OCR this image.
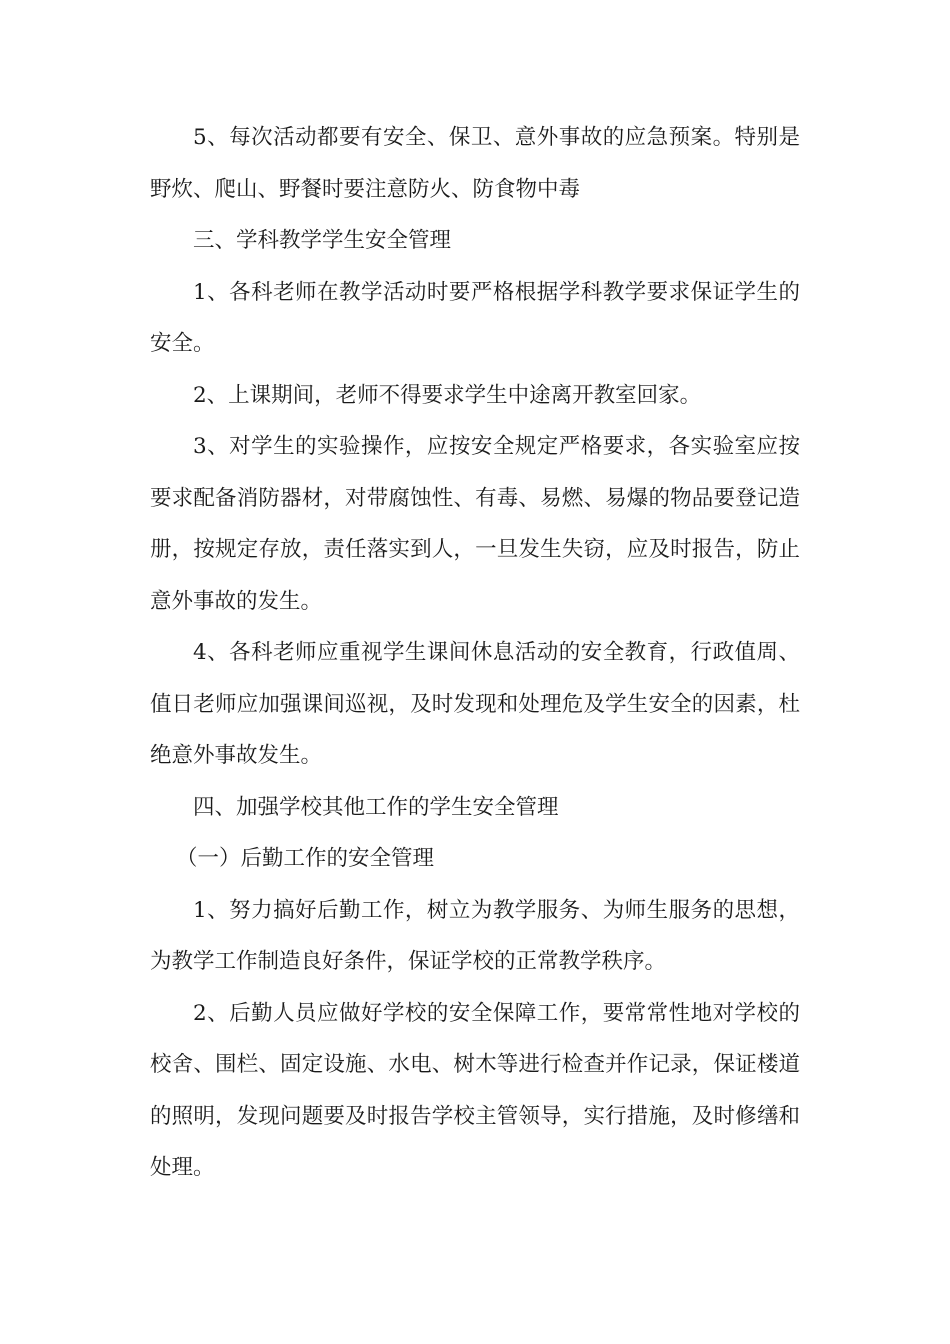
5、每次活动都要有安全、保卫、意外事故的应急预案。特别是野炊、爬山、野餐时要注意防火、防食物中毒

三、学科教学学生安全管理

1、各科老师在教学活动时要严格根据学科教学要求保证学生的安全。

2、上课期间，老师不得要求学生中途离开教室回家。

3、对学生的实验操作，应按安全规定严格要求，各实验室应按要求配备消防器材，对带腐蚀性、有毒、易燃、易爆的物品要登记造册，按规定存放，责任落实到人，一旦发生失窃，应及时报告，防止意外事故的发生。

4、各科老师应重视学生课间休息活动的安全教育，行政值周、值日老师应加强课间巡视，及时发现和处理危及学生安全的因素，杜绝意外事故发生。

四、加强学校其他工作的学生安全管理

（一）后勤工作的安全管理

1、努力搞好后勤工作，树立为教学服务、为师生服务的思想，为教学工作制造良好条件，保证学校的正常教学秩序。

2、后勤人员应做好学校的安全保障工作，要常常性地对学校的校舍、围栏、固定设施、水电、树木等进行检查并作记录，保证楼道的照明，发现问题要及时报告学校主管领导，实行措施，及时修缮和处理。
